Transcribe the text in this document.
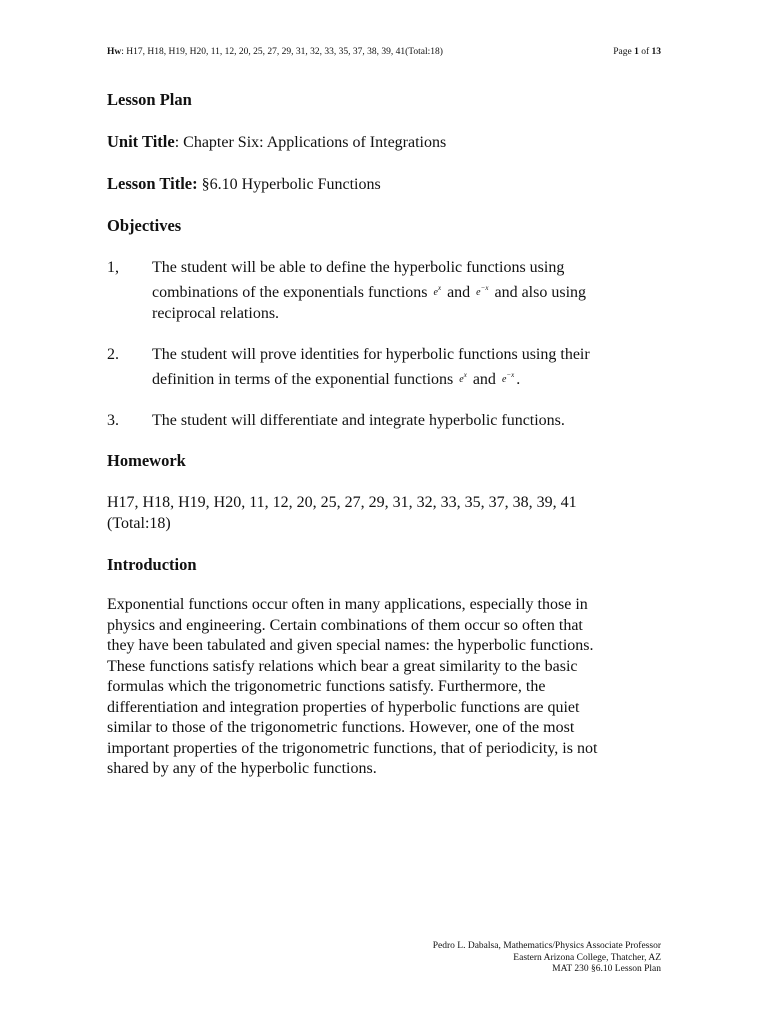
Hw: H17, H18, H19, H20, 11, 12, 20, 25, 27, 29, 31, 32, 33, 35, 37, 38, 39, 41(Total:18)	Page 1 of 13

Lesson Plan

Unit Title: Chapter Six: Applications of Integrations

Lesson Title: §6.10 Hyperbolic Functions

Objectives

1, The student will be able to define the hyperbolic functions using
combinations of the exponentials functions $e^x$ and $e^{-x}$ and also using
reciprocal relations.
2. The student will prove identities for hyperbolic functions using their
definition in terms of the exponential functions $e^x$ and $e^{-x}$ .
3. The student will differentiate and integrate hyperbolic functions.

Homework

H17, H18, H19, H20, 11, 12, 20, 25, 27, 29, 31, 32, 33, 35, 37, 38, 39, 41
(Total:18)

Introduction

Exponential functions occur often in many applications, especially those in
physics and engineering. Certain combinations of them occur so often that
they have been tabulated and given special names: the hyperbolic functions.
These functions satisfy relations which bear a great similarity to the basic
formulas which the trigonometric functions satisfy. Furthermore, the
differentiation and integration properties of hyperbolic functions are quiet
similar to those of the trigonometric functions. However, one of the most
important properties of the trigonometric functions, that of periodicity, is not
shared by any of the hyperbolic functions.
Pedro L. Dabalsa, Mathematics/Physics Associate Professor
Eastern Arizona College, Thatcher, AZ
MAT 230 §6.10 Lesson Plan
